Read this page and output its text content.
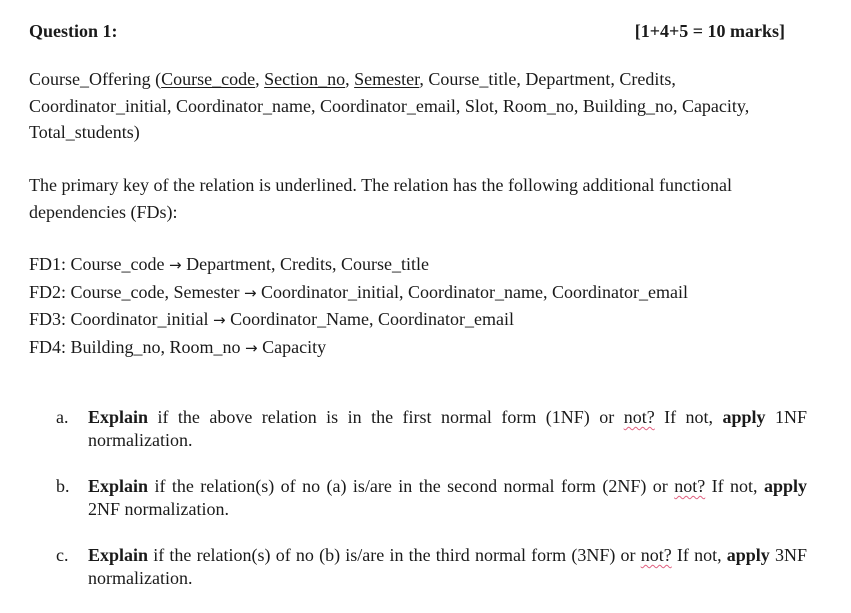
Question 1:	[1+4+5 = 10 marks]
Course_Offering (Course_code, Section_no, Semester, Course_title, Department, Credits, Coordinator_initial, Coordinator_name, Coordinator_email, Slot, Room_no, Building_no, Capacity, Total_students)
The primary key of the relation is underlined. The relation has the following additional functional dependencies (FDs):
FD1: Course_code → Department, Credits, Course_title
FD2: Course_code, Semester → Coordinator_initial, Coordinator_name, Coordinator_email
FD3: Coordinator_initial → Coordinator_Name, Coordinator_email
FD4: Building_no, Room_no → Capacity
a. Explain if the above relation is in the first normal form (1NF) or not? If not, apply 1NF normalization.
b. Explain if the relation(s) of no (a) is/are in the second normal form (2NF) or not? If not, apply 2NF normalization.
c. Explain if the relation(s) of no (b) is/are in the third normal form (3NF) or not? If not, apply 3NF normalization.
